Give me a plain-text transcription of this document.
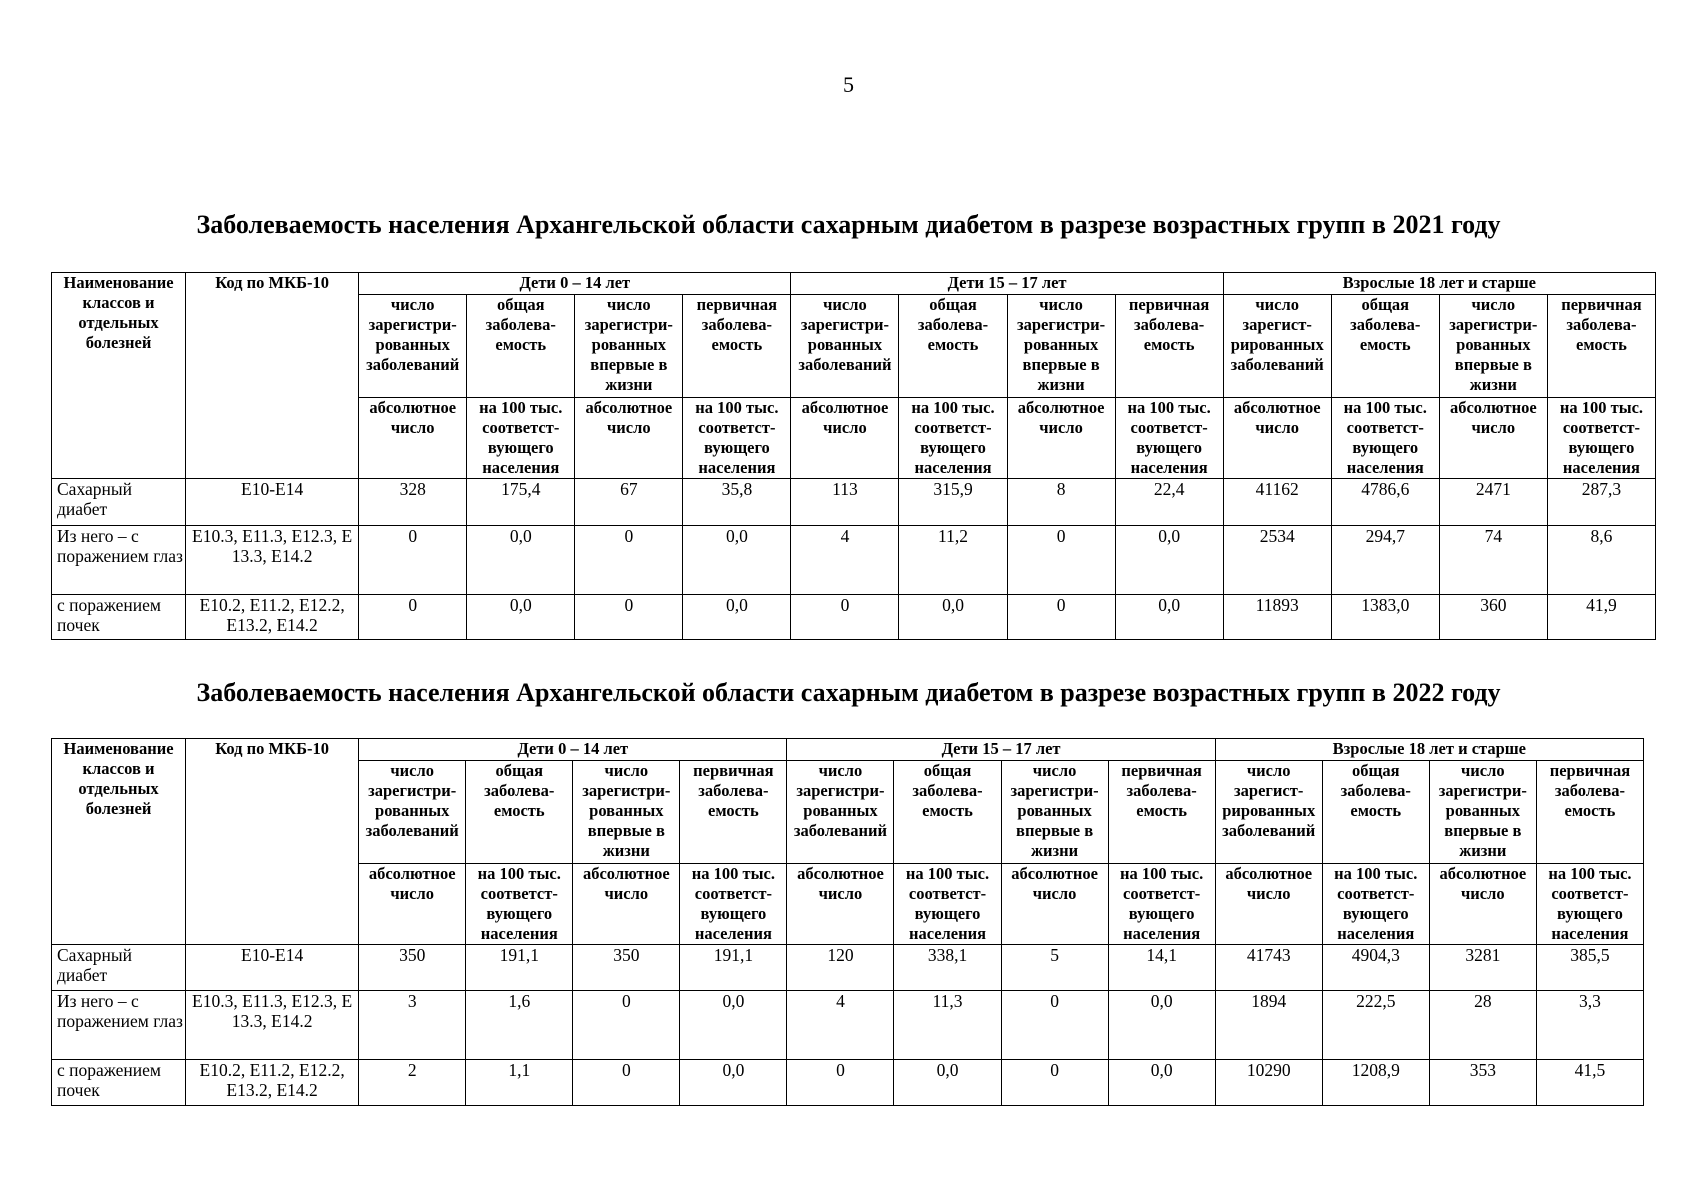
5
Заболеваемость населения Архангельской области сахарным диабетом в разрезе возрастных групп в 2021 году
Наименование классов и отдельных болезней	Код по МКБ-10	Дети 0 – 14 лет				Дети 15 – 17 лет				Взрослые 18 лет и старше			
		число зарегистри-рованных заболеваний	общая заболева-емость	число зарегистри-рованных впервые в жизни	первичная заболева-емость	число зарегистри-рованных заболеваний	общая заболева-емость	число зарегистри-рованных впервые в жизни	первичная заболева-емость	число зарегист-рированных заболеваний	общая заболева-емость	число зарегистри-рованных впервые в жизни	первичная заболева-емость
		абсолютное число	на 100 тыс. соответст-вующего населения	абсолютное число	на 100 тыс. соответст-вующего населения	абсолютное число	на 100 тыс. соответст-вующего населения	абсолютное число	на 100 тыс. соответст-вующего населения	абсолютное число	на 100 тыс. соответст-вующего населения	абсолютное число	на 100 тыс. соответст-вующего населения
Сахарный диабет	E10-E14	328	175,4	67	35,8	113	315,9	8	22,4	41162	4786,6	2471	287,3
Из него – с поражением глаз	E10.3, E11.3, E12.3, E 13.3, E14.2	0	0,0	0	0,0	4	11,2	0	0,0	2534	294,7	74	8,6
с поражением почек	E10.2, E11.2, E12.2, E13.2, E14.2	0	0,0	0	0,0	0	0,0	0	0,0	11893	1383,0	360	41,9
Заболеваемость населения Архангельской области сахарным диабетом в разрезе возрастных групп в 2022 году
Наименование классов и отдельных болезней	Код по МКБ-10	Дети 0 – 14 лет				Дети 15 – 17 лет				Взрослые 18 лет и старше			
		число зарегистри-рованных заболеваний	общая заболева-емость	число зарегистри-рованных впервые в жизни	первичная заболева-емость	число зарегистри-рованных заболеваний	общая заболева-емость	число зарегистри-рованных впервые в жизни	первичная заболева-емость	число зарегист-рированных заболеваний	общая заболева-емость	число зарегистри-рованных впервые в жизни	первичная заболева-емость
		абсолютное число	на 100 тыс. соответст-вующего населения	абсолютное число	на 100 тыс. соответст-вующего населения	абсолютное число	на 100 тыс. соответст-вующего населения	абсолютное число	на 100 тыс. соответст-вующего населения	абсолютное число	на 100 тыс. соответст-вующего населения	абсолютное число	на 100 тыс. соответст-вующего населения
Сахарный диабет	E10-E14	350	191,1	350	191,1	120	338,1	5	14,1	41743	4904,3	3281	385,5
Из него – с поражением глаз	E10.3, E11.3, E12.3, E 13.3, E14.2	3	1,6	0	0,0	4	11,3	0	0,0	1894	222,5	28	3,3
с поражением почек	E10.2, E11.2, E12.2, E13.2, E14.2	2	1,1	0	0,0	0	0,0	0	0,0	10290	1208,9	353	41,5
